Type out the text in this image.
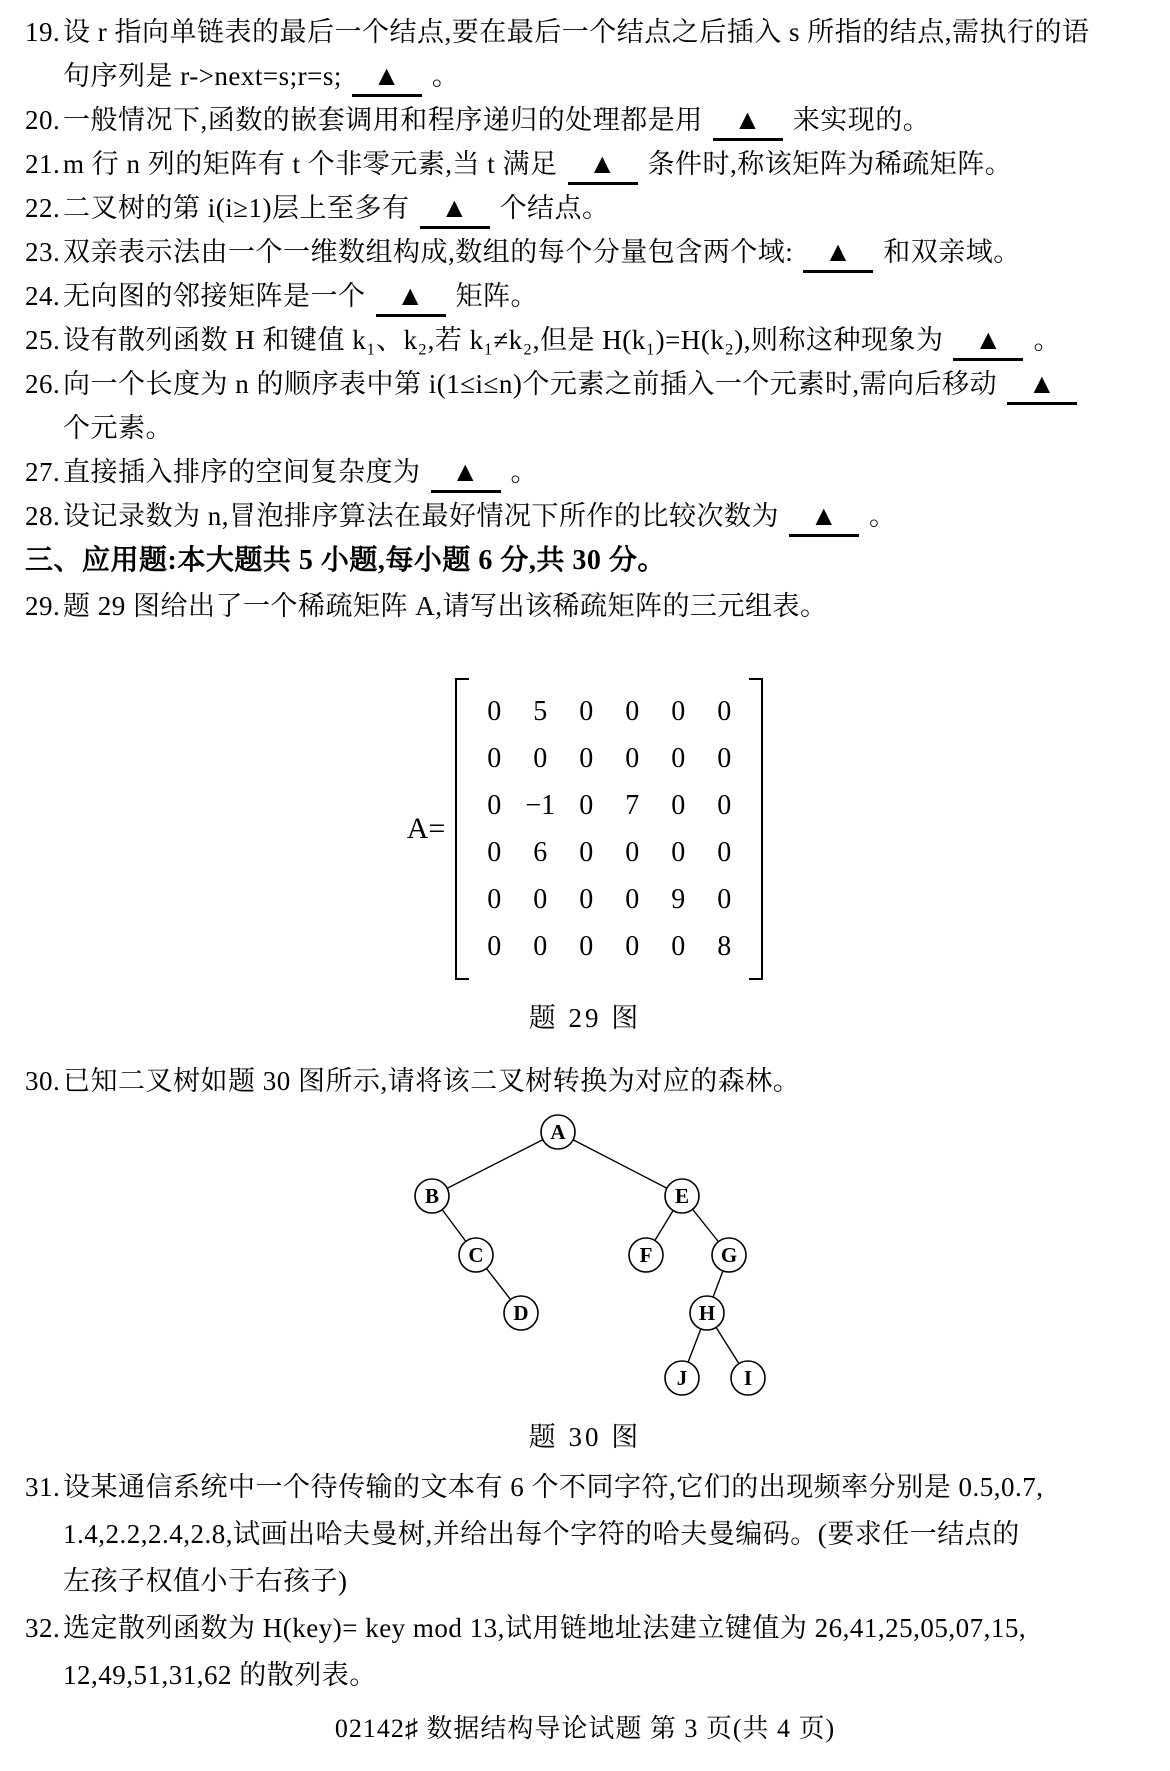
19. 设 r 指向单链表的最后一个结点,要在最后一个结点之后插入 s 所指的结点,需执行的语
句序列是 r->next=s;r=s; ▲ 。
20. 一般情况下,函数的嵌套调用和程序递归的处理都是用 ▲ 来实现的。
21. m 行 n 列的矩阵有 t 个非零元素,当 t 满足 ▲ 条件时,称该矩阵为稀疏矩阵。
22. 二叉树的第 i(i≥1)层上至多有 ▲ 个结点。
23. 双亲表示法由一个一维数组构成,数组的每个分量包含两个域: ▲ 和双亲域。
24. 无向图的邻接矩阵是一个 ▲ 矩阵。
25. 设有散列函数 H 和键值 k₁、k₂,若 k₁≠k₂,但是 H(k₁)=H(k₂),则称这种现象为 ▲ 。
26. 向一个长度为 n 的顺序表中第 i(1≤i≤n)个元素之前插入一个元素时,需向后移动 ▲
个元素。
27. 直接插入排序的空间复杂度为 ▲ 。
28. 设记录数为 n,冒泡排序算法在最好情况下所作的比较次数为 ▲ 。
三、应用题:本大题共 5 小题,每小题 6 分,共 30 分。
29. 题 29 图给出了一个稀疏矩阵 A,请写出该稀疏矩阵的三元组表。
A=
0	5	0	0	0	0
0	0	0	0	0	0
0 −1 0	7	0	0
0	6	0	0	0	0
0	0	0	0	9	0
0	0	0	0	0	8
题 29 图
30. 已知二叉树如题 30 图所示,请将该二叉树转换为对应的森林。
A
B	E
C	F	G
D	H
J	I
题 30 图
31. 设某通信系统中一个待传输的文本有 6 个不同字符,它们的出现频率分别是 0.5,0.7,
1.4,2.2,2.4,2.8,试画出哈夫曼树,并给出每个字符的哈夫曼编码。(要求任一结点的
左孩子权值小于右孩子)
32. 选定散列函数为 H(key)= key mod 13,试用链地址法建立键值为 26,41,25,05,07,15,
12,49,51,31,62 的散列表。
02142♯ 数据结构导论试题 第 3 页(共 4 页)
